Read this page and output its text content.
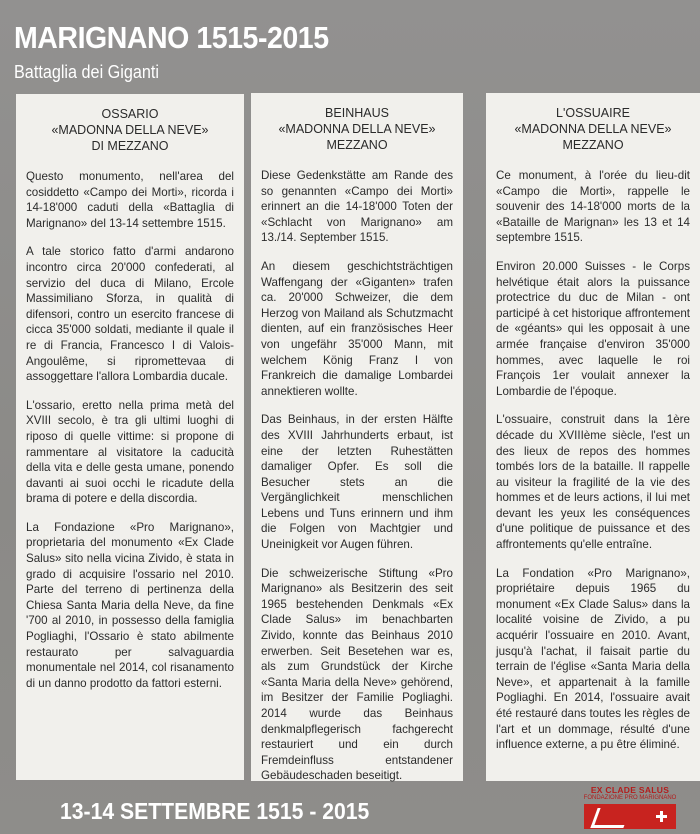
MARIGNANO 1515-2015
Battaglia dei Giganti
OSSARIO
«MADONNA DELLA NEVE»
DI MEZZANO

Questo monumento, nell'area del cosiddetto «Campo dei Morti», ricorda i 14-18'000 caduti della «Battaglia di Marignano» del 13-14 settembre 1515.

A tale storico fatto d'armi andarono incontro circa 20'000 confederati, al servizio del duca di Milano, Ercole Massimiliano Sforza, in qualità di difensori, contro un esercito francese di cicca 35'000 soldati, mediante il quale il re di Francia, Francesco I di Valois-Angoulême, si ripromettevaa di assoggettare l'allora Lombardia ducale.

L'ossario, eretto nella prima metà del XVIII secolo, è tra gli ultimi luoghi di riposo di quelle vittime: si propone di rammentare al visitatore la caducità della vita e delle gesta umane, ponendo davanti ai suoi occhi le ricadute della brama di potere e della discordia.

La Fondazione «Pro Marignano», proprietaria del monumento «Ex Clade Salus» sito nella vicina Zivido, è stata in grado di acquisire l'ossario nel 2010. Parte del terreno di pertinenza della Chiesa Santa Maria della Neve, da fine '700 al 2010, in possesso della famiglia Pogliaghi, l'Ossario è stato abilmente restaurato per salvaguardia monumentale nel 2014, col risanamento di un danno prodotto da fattori esterni.

BEINHAUS
«MADONNA DELLA NEVE»
MEZZANO

Diese Gedenkstätte am Rande des so genannten «Campo dei Morti» erinnert an die 14-18'000 Toten der «Schlacht von Marignano» am 13./14. September 1515.

An diesem geschichtsträchtigen Waffengang der «Giganten» trafen ca. 20'000 Schweizer, die dem Herzog von Mailand als Schutzmacht dienten, auf ein französisches Heer von ungefähr 35'000 Mann, mit welchem König Franz I von Frankreich die damalige Lombardei annektieren wollte.

Das Beinhaus, in der ersten Hälfte des XVIII Jahrhunderts erbaut, ist eine der letzten Ruhestätten damaliger Opfer. Es soll die Besucher stets an die Vergänglichkeit menschlichen Lebens und Tuns erinnern und ihm die Folgen von Machtgier und Uneinigkeit vor Augen führen.

Die schweizerische Stiftung «Pro Marignano» als Besitzerin des seit 1965 bestehenden Denkmals «Ex Clade Salus» im benachbarten Zivido, konnte das Beinhaus 2010 erwerben. Seit Besetehen war es, als zum Grundstück der Kirche «Santa Maria della Neve» gehörend, im Besitzer der Familie Pogliaghi. 2014 wurde das Beinhaus denkmalpflegerisch fachgerecht restauriert und ein durch Fremdeinfluss entstandener Gebäudeschaden beseitigt.

L'OSSUAIRE
«MADONNA DELLA NEVE»
MEZZANO

Ce monument, à l'orée du lieu-dit «Campo die Morti», rappelle le souvenir des 14-18'000 morts de la «Bataille de Marignan» les 13 et 14 septembre 1515.

Environ 20.000 Suisses - le Corps helvétique était alors la puissance protectrice du duc de Milan - ont participé à cet historique affrontement de «géants» qui les opposait à une armée française d'environ 35'000 hommes, avec laquelle le roi François 1er voulait annexer la Lombardie de l'époque.

L'ossuaire, construit dans la 1ère décade du XVIIIème siècle, l'est un des lieux de repos des hommes tombés lors de la bataille. Il rappelle au visiteur la fragilité de la vie des hommes et de leurs actions, il lui met devant les yeux les conséquences d'une politique de puissance et des affrontements qu'elle entraîne.

La Fondation «Pro Marignano», propriétaire depuis 1965 du monument «Ex Clade Salus» dans la localité voisine de Zivido, a pu acquérir l'ossuaire en 2010. Avant, jusqu'à l'achat, il faisait partie du terrain de l'église «Santa Maria della Neve», et appartenait à la famille Pogliaghi. En 2014, l'ossuaire avait été restauré dans toutes les règles de l'art et un dommage, résulté d'une influence externe, a pu être éliminé.

13-14 SETTEMBRE 1515 - 2015
EX CLADE SALUS
FONDAZIONE PRO MARIGNANO
